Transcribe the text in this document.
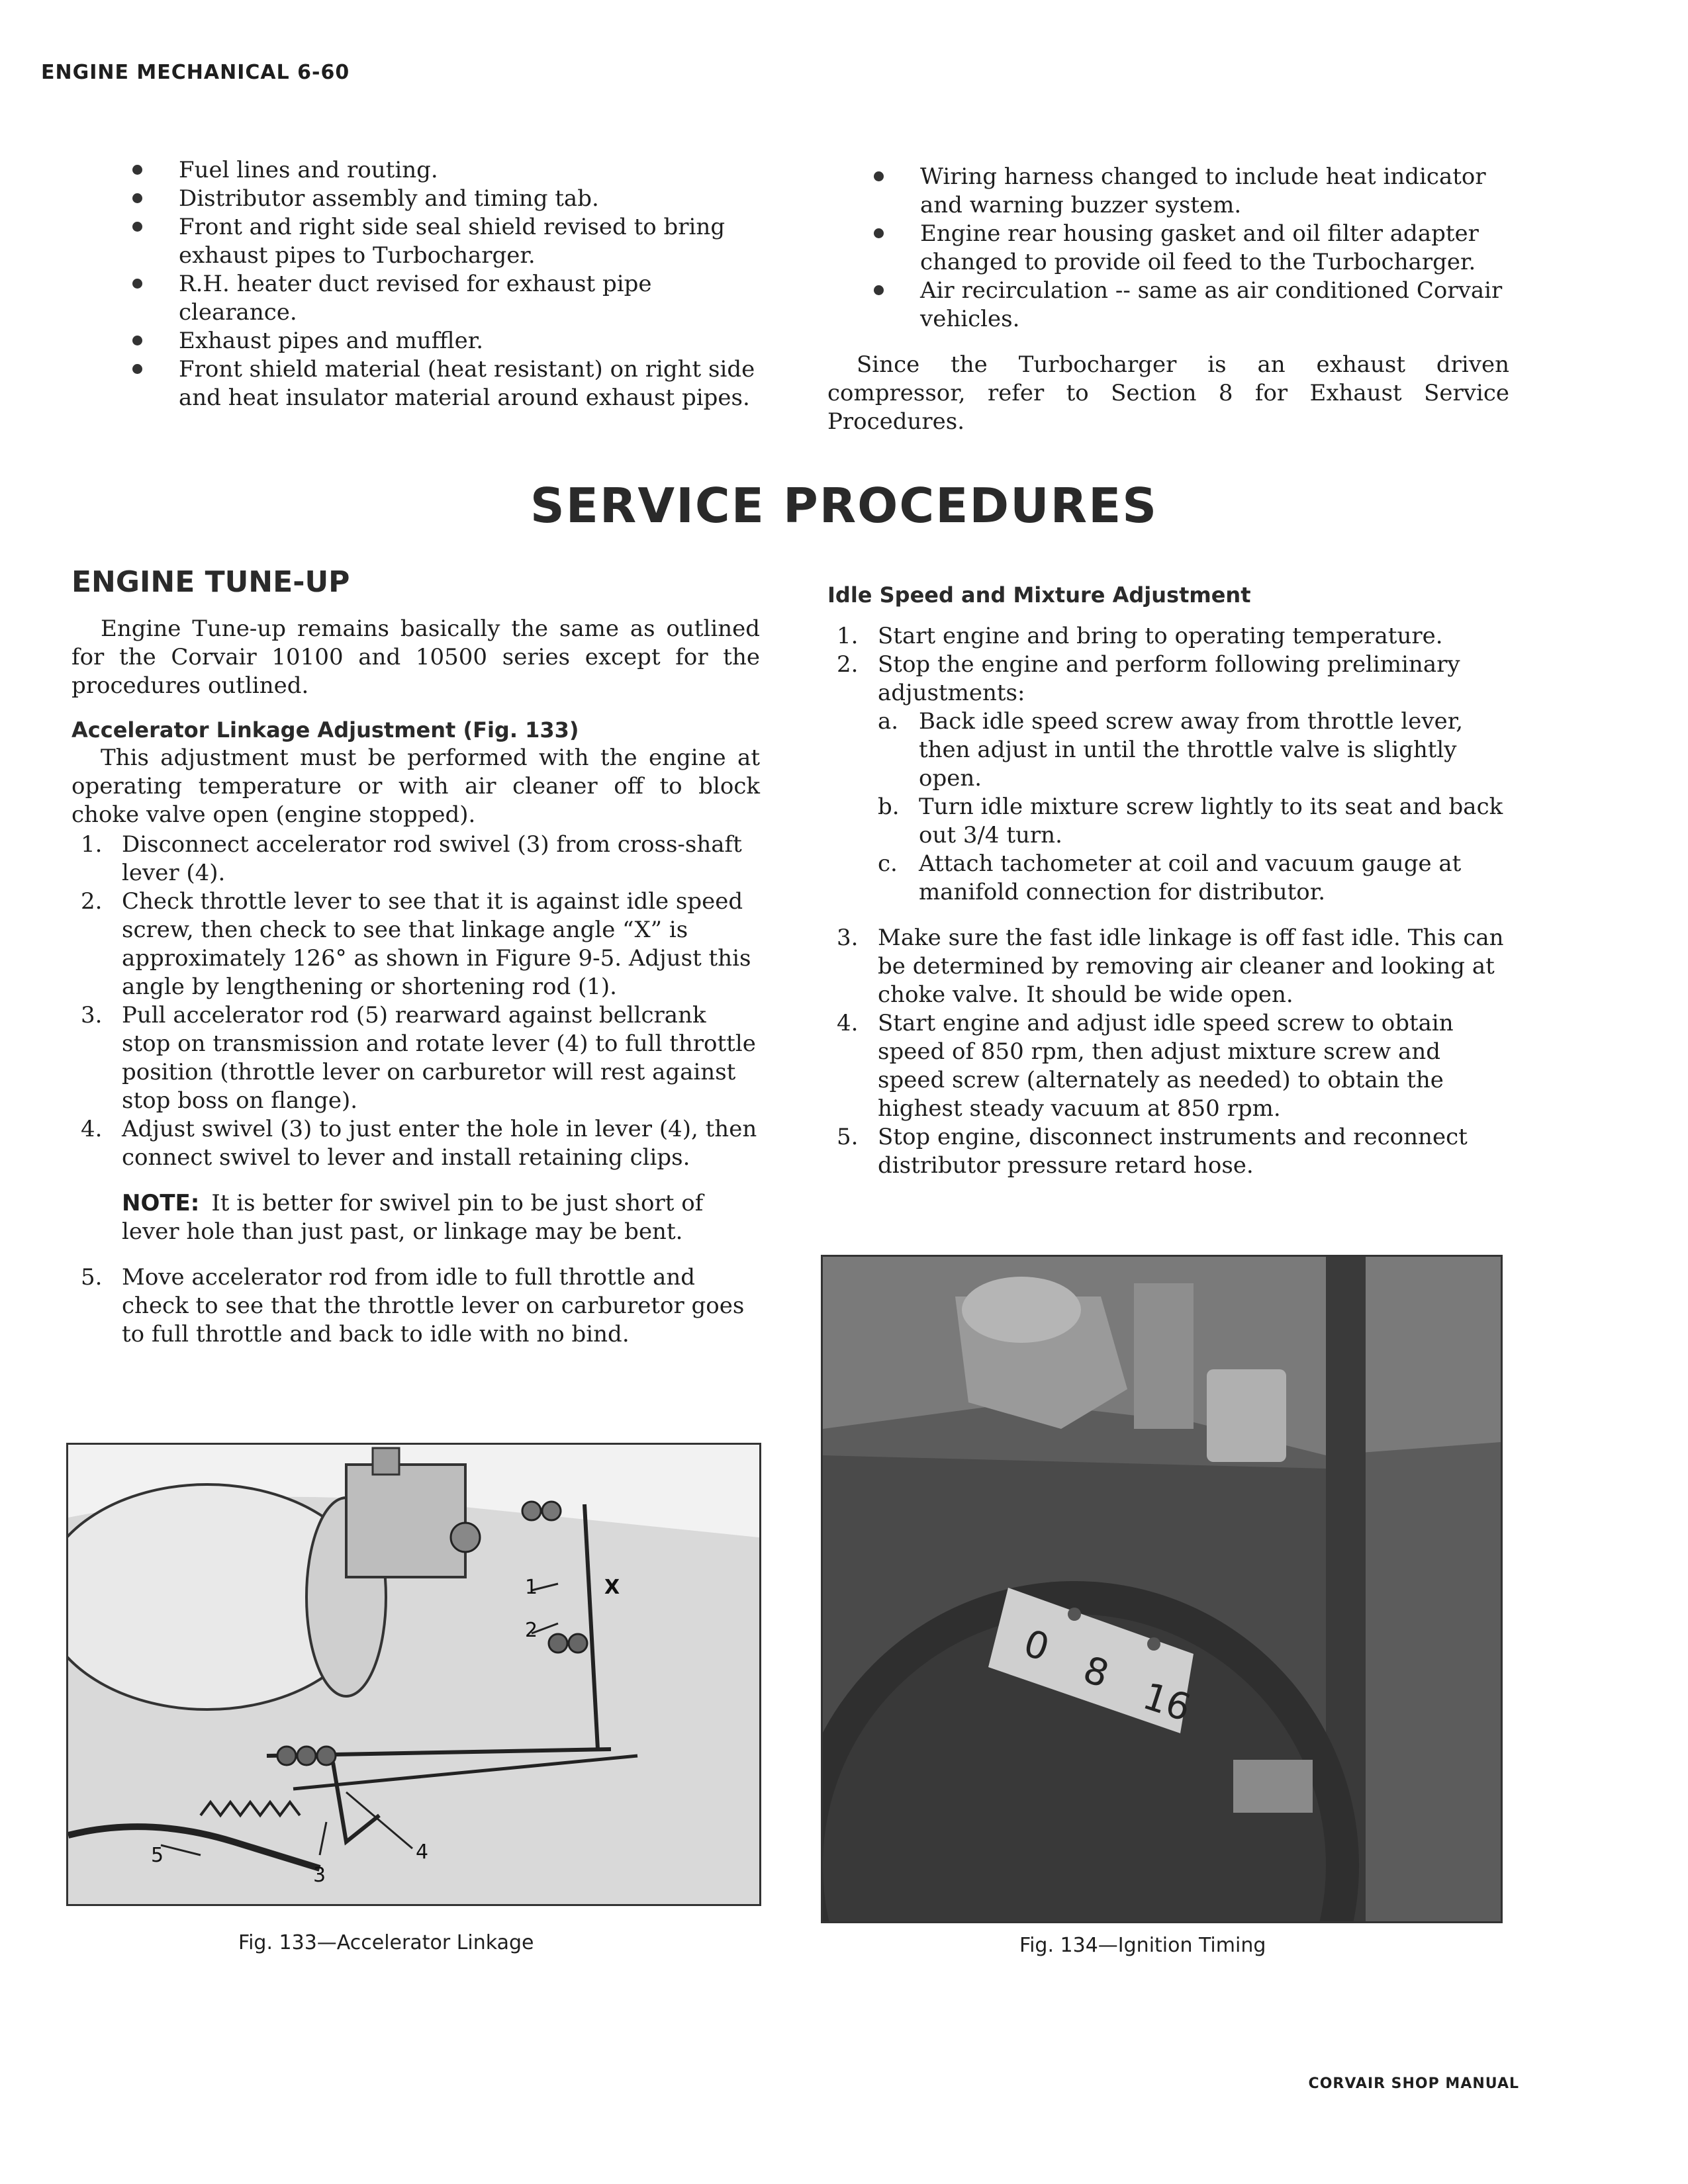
ENGINE MECHANICAL 6-60
Fuel lines and routing.
Distributor assembly and timing tab.
Front and right side seal shield revised to bring exhaust pipes to Turbocharger.
R.H. heater duct revised for exhaust pipe clearance.
Exhaust pipes and muffler.
Front shield material (heat resistant) on right side and heat insulator material around exhaust pipes.
Wiring harness changed to include heat indicator and warning buzzer system.
Engine rear housing gasket and oil filter adapter changed to provide oil feed to the Turbocharger.
Air recirculation -- same as air conditioned Corvair vehicles.

Since the Turbocharger is an exhaust driven compressor, refer to Section 8 for Exhaust Service Procedures.

SERVICE PROCEDURES
ENGINE TUNE-UP

Engine Tune-up remains basically the same as outlined for the Corvair 10100 and 10500 series except for the procedures outlined.

Accelerator Linkage Adjustment (Fig. 133)

This adjustment must be performed with the engine at operating temperature or with air cleaner off to block choke valve open (engine stopped).

1. Disconnect accelerator rod swivel (3) from cross-shaft lever (4).
2. Check throttle lever to see that it is against idle speed screw, then check to see that linkage angle “X” is approximately 126° as shown in Figure 9-5. Adjust this angle by lengthening or shortening rod (1).
3. Pull accelerator rod (5) rearward against bellcrank stop on transmission and rotate lever (4) to full throttle position (throttle lever on carburetor will rest against stop boss on flange).
4. Adjust swivel (3) to just enter the hole in lever (4), then connect swivel to lever and install retaining clips.
NOTE: It is better for swivel pin to be just short of lever hole than just past, or linkage may be bent.
5. Move accelerator rod from idle to full throttle and check to see that the throttle lever on carburetor goes to full throttle and back to idle with no bind.
Idle Speed and Mixture Adjustment
1. Start engine and bring to operating temperature.
2. Stop the engine and perform following preliminary adjustments:
a. Back idle speed screw away from throttle lever, then adjust in until the throttle valve is slightly open.
b. Turn idle mixture screw lightly to its seat and back out 3/4 turn.
c. Attach tachometer at coil and vacuum gauge at manifold connection for distributor.
3. Make sure the fast idle linkage is off fast idle. This can be determined by removing air cleaner and looking at choke valve. It should be wide open.
4. Start engine and adjust idle speed screw to obtain speed of 850 rpm, then adjust mixture screw and speed screw (alternately as needed) to obtain the highest steady vacuum at 850 rpm.
5. Stop engine, disconnect instruments and reconnect distributor pressure retard hose.
1
2
3
4
5
X
Fig. 133—Accelerator Linkage
0
8
16
Fig. 134—Ignition Timing
CORVAIR SHOP MANUAL
